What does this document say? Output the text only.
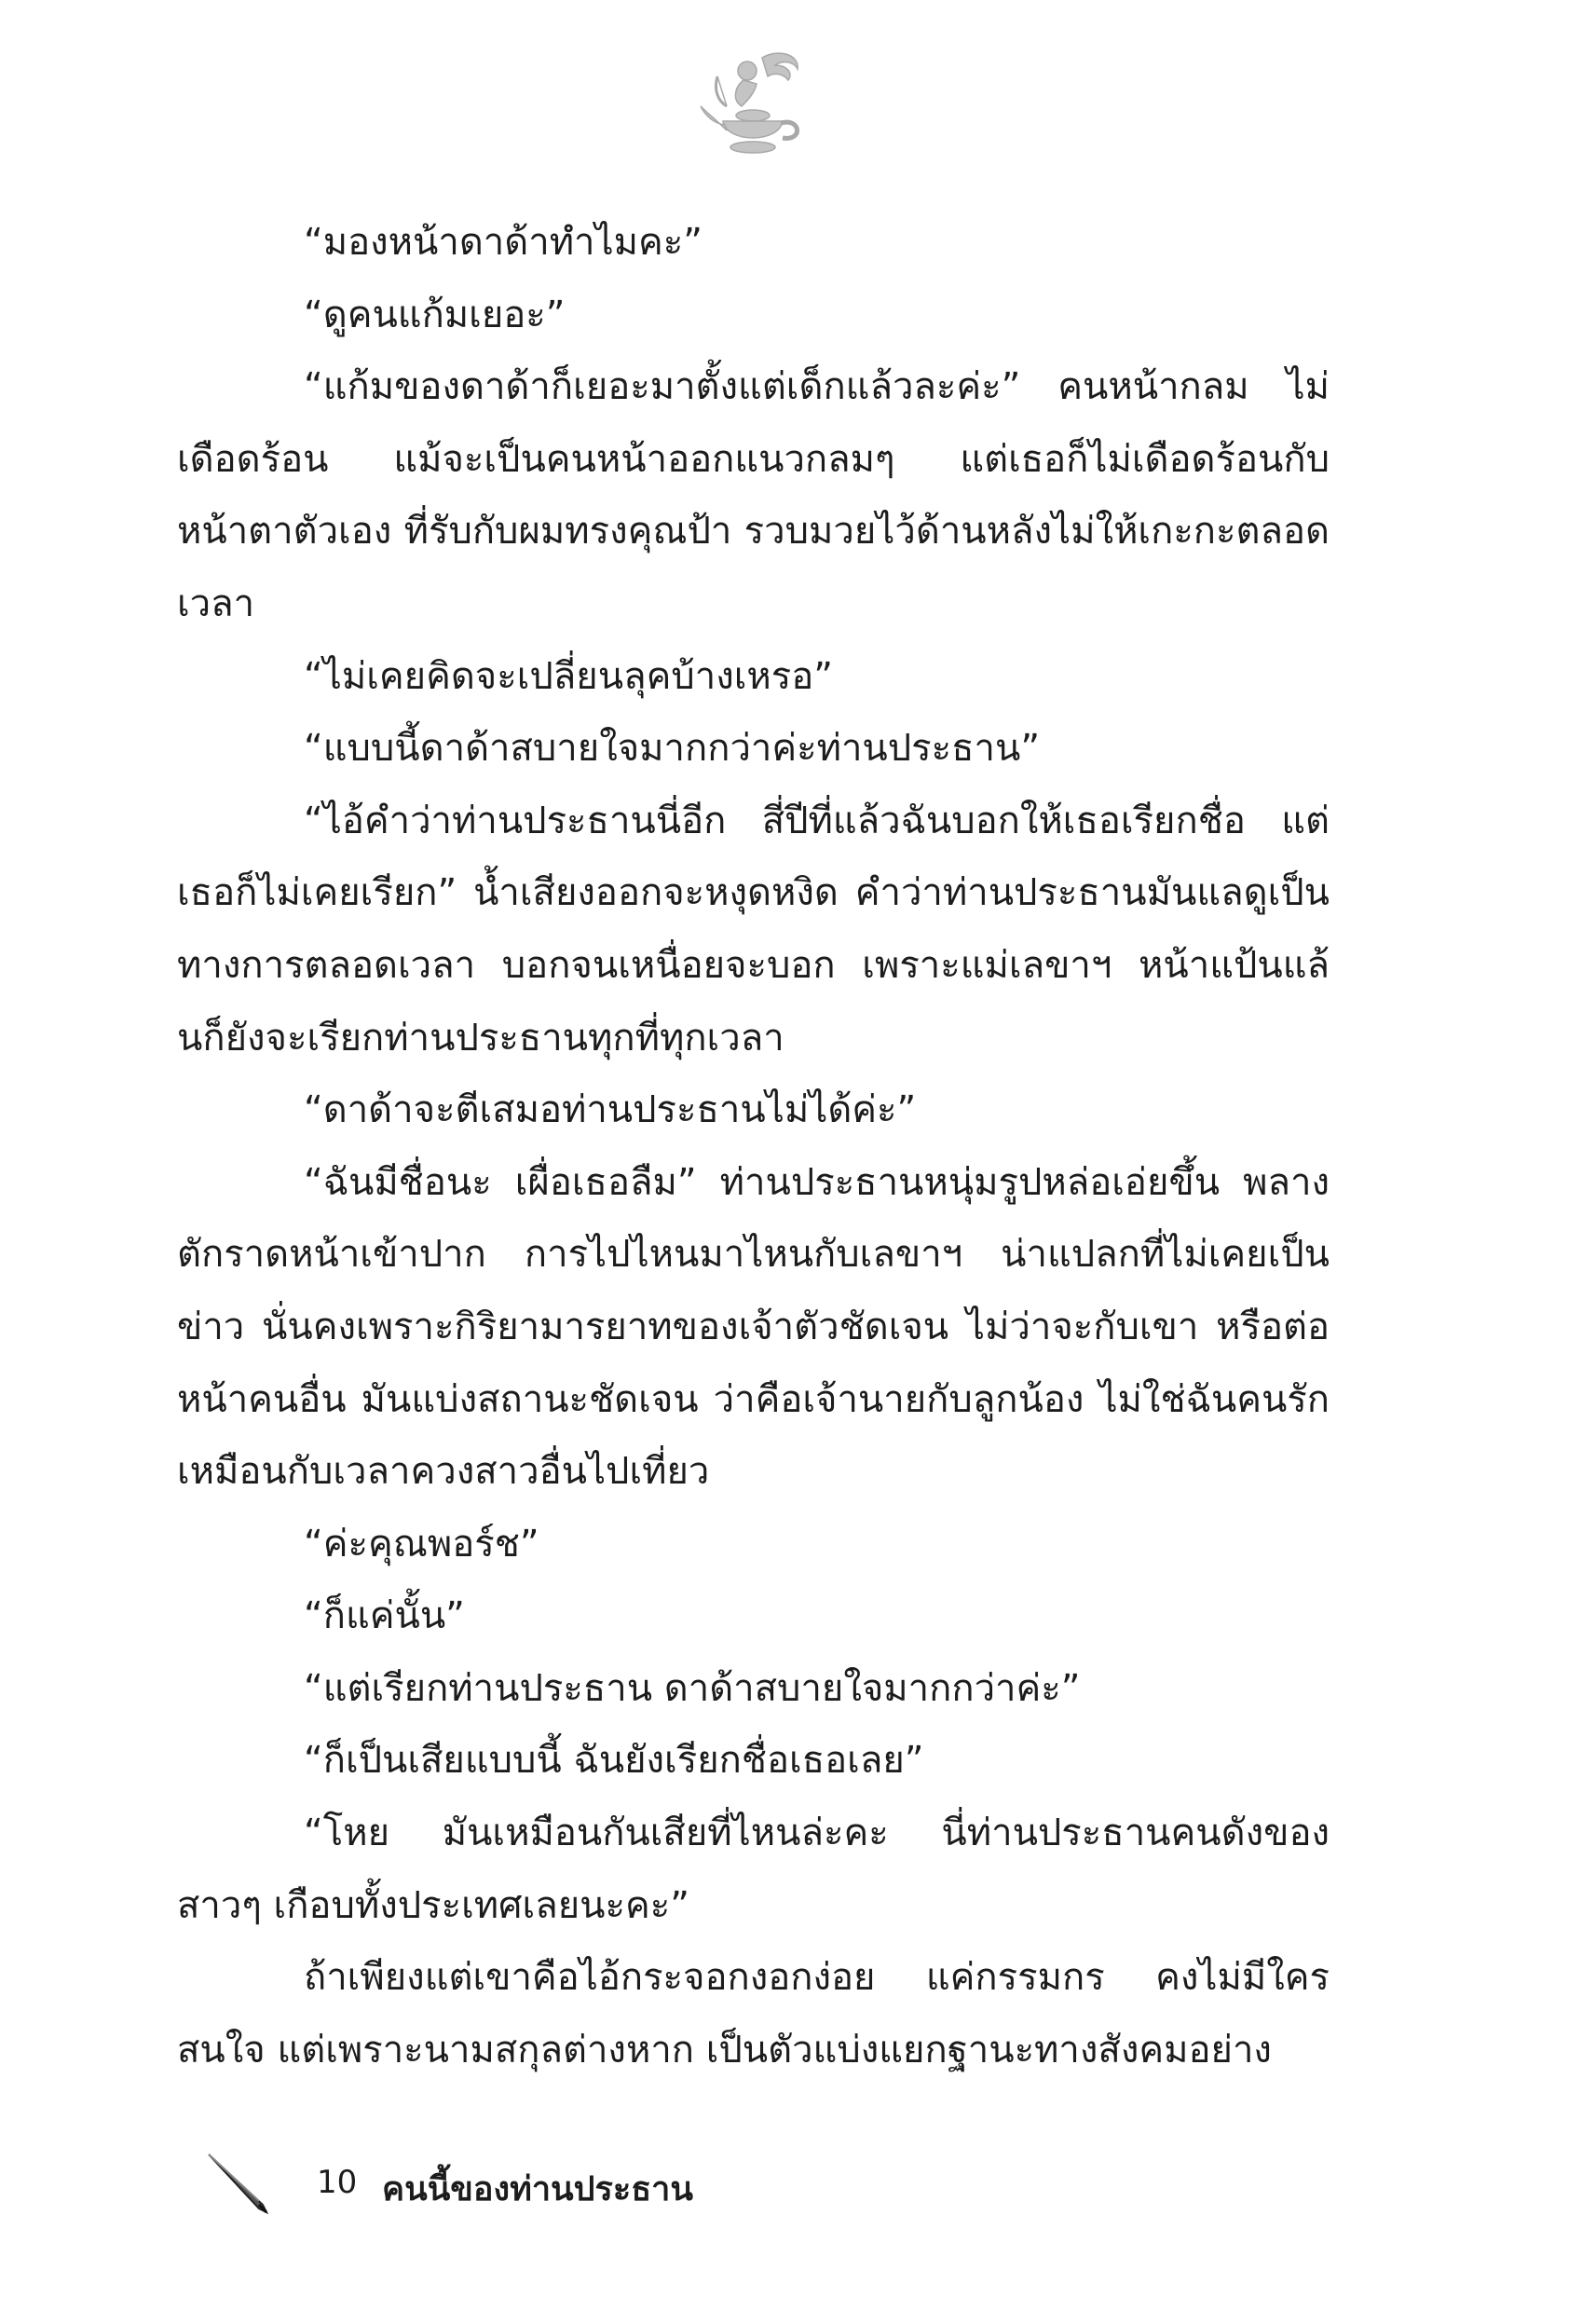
“มองหน้าดาด้าทำไมคะ”

“ดูคนแก้มเยอะ”

“แก้มของดาด้าก็เยอะมาตั้งแต่เด็กแล้วละค่ะ” คนหน้ากลม ไม่เดือดร้อน แม้จะเป็นคนหน้าออกแนวกลมๆ แต่เธอก็ไม่เดือดร้อนกับหน้าตาตัวเอง ที่รับกับผมทรงคุณป้า รวบมวยไว้ด้านหลังไม่ให้เกะกะตลอดเวลา

“ไม่เคยคิดจะเปลี่ยนลุคบ้างเหรอ”

“แบบนี้ดาด้าสบายใจมากกว่าค่ะท่านประธาน”

“ไอ้คำว่าท่านประธานนี่อีก สี่ปีที่แล้วฉันบอกให้เธอเรียกชื่อ แต่เธอก็ไม่เคยเรียก” น้ำเสียงออกจะหงุดหงิด คำว่าท่านประธานมันแลดูเป็นทางการตลอดเวลา บอกจนเหนื่อยจะบอก เพราะแม่เลขาฯ หน้าแป้นแล้นก็ยังจะเรียกท่านประธานทุกที่ทุกเวลา

“ดาด้าจะตีเสมอท่านประธานไม่ได้ค่ะ”

“ฉันมีชื่อนะ เผื่อเธอลืม” ท่านประธานหนุ่มรูปหล่อเอ่ยขึ้น พลางตักราดหน้าเข้าปาก การไปไหนมาไหนกับเลขาฯ น่าแปลกที่ไม่เคยเป็นข่าว นั่นคงเพราะกิริยามารยาทของเจ้าตัวชัดเจน ไม่ว่าจะกับเขา หรือต่อหน้าคนอื่น มันแบ่งสถานะชัดเจน ว่าคือเจ้านายกับลูกน้อง ไม่ใช่ฉันคนรักเหมือนกับเวลาควงสาวอื่นไปเที่ยว

“ค่ะคุณพอร์ช”

“ก็แค่นั้น”

“แต่เรียกท่านประธาน ดาด้าสบายใจมากกว่าค่ะ”

“ก็เป็นเสียแบบนี้ ฉันยังเรียกชื่อเธอเลย”

“โหย มันเหมือนกันเสียที่ไหนล่ะคะ นี่ท่านประธานคนดังของสาวๆ เกือบทั้งประเทศเลยนะคะ”

ถ้าเพียงแต่เขาคือไอ้กระจอกงอกง่อย แค่กรรมกร คงไม่มีใครสนใจ แต่เพราะนามสกุลต่างหาก เป็นตัวแบ่งแยกฐานะทางสังคมอย่าง

10 คนนี้ของท่านประธาน
